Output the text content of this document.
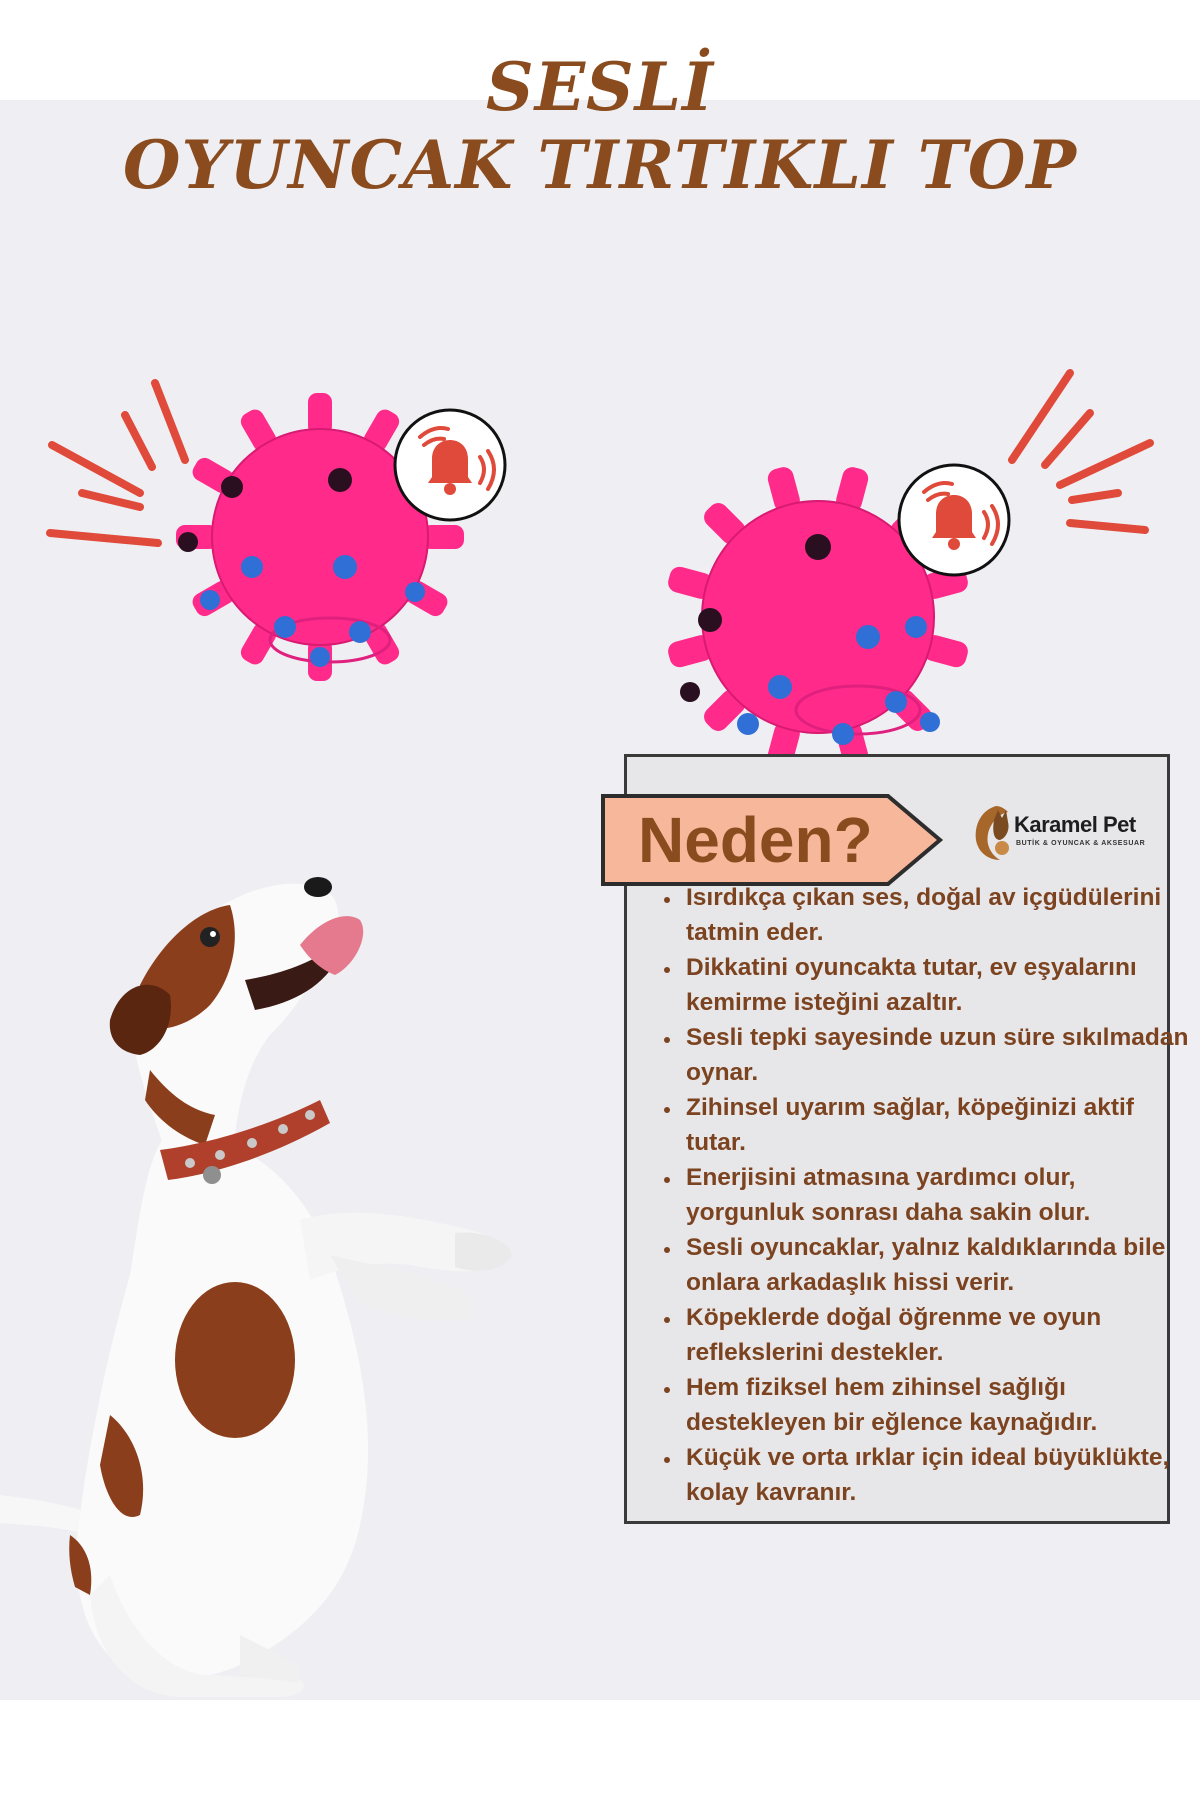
SESLİ
OYUNCAK TIRTIKLI TOP
Neden?	Karamel Pet
BUTİK & OYUNCAK & AKSESUAR
• Isırdıkça çıkan ses, doğal av içgüdülerini tatmin eder.
• Dikkatini oyuncakta tutar, ev eşyalarını kemirme isteğini azaltır.
• Sesli tepki sayesinde uzun süre sıkılmadan oynar.
• Zihinsel uyarım sağlar, köpeğinizi aktif tutar.
• Enerjisini atmasına yardımcı olur, yorgunluk sonrası daha sakin olur.
• Sesli oyuncaklar, yalnız kaldıklarında bile onlara arkadaşlık hissi verir.
• Köpeklerde doğal öğrenme ve oyun reflekslerini destekler.
• Hem fiziksel hem zihinsel sağlığı destekleyen bir eğlence kaynağıdır.
• Küçük ve orta ırklar için ideal büyüklükte, kolay kavranır.
